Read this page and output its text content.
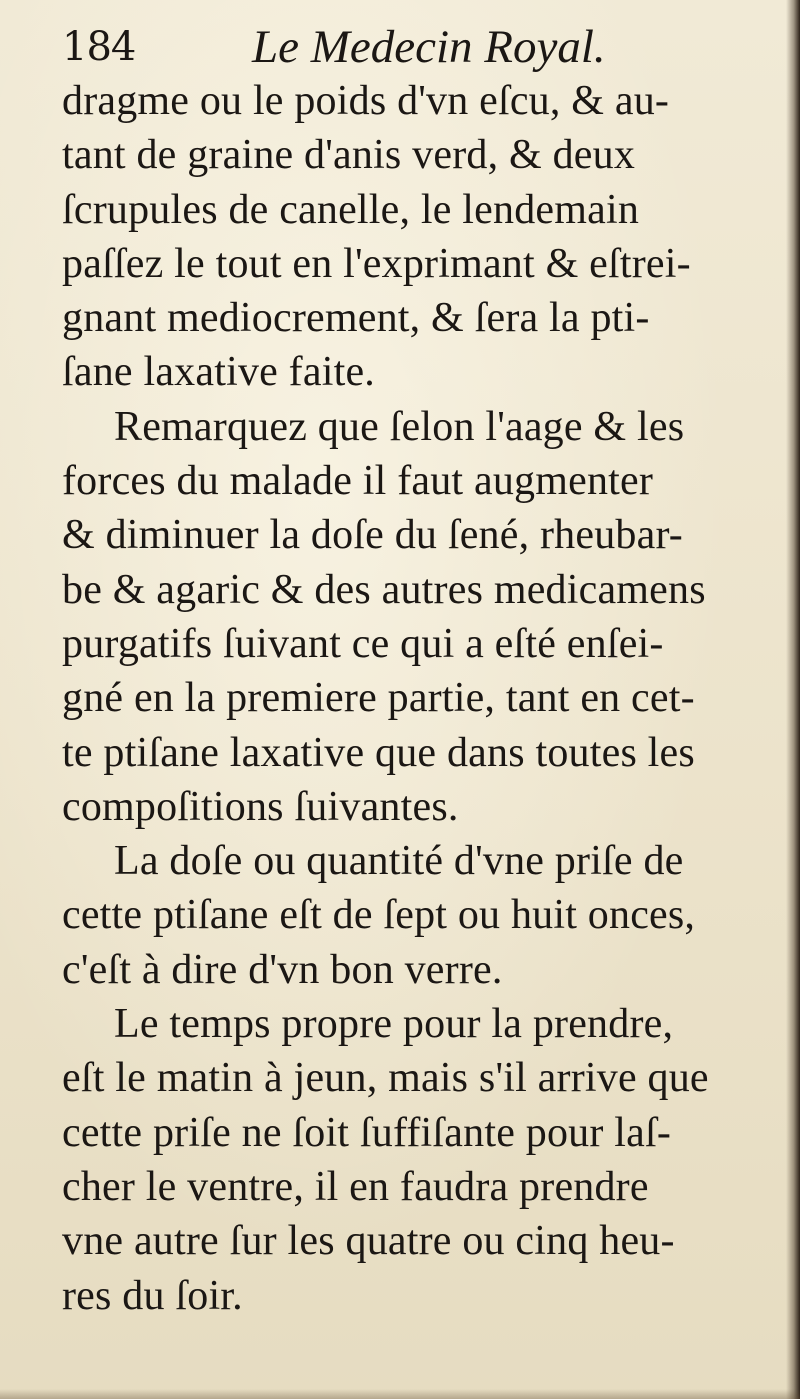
184 Le Medecin Royal.
dragme ou le poids d'vn eſcu, & au-
tant de graine d'anis verd, & deux
ſcrupules de canelle, le lendemain
paſſez le tout en l'exprimant & eſtrei-
gnant mediocrement, & ſera la pti-
ſane laxative faite.
Remarquez que ſelon l'aage & les
forces du malade il faut augmenter
& diminuer la doſe du ſené, rheubar-
be & agaric & des autres medicamens
purgatifs ſuivant ce qui a eſté enſei-
gné en la premiere partie, tant en cet-
te ptiſane laxative que dans toutes les
compoſitions ſuivantes.
La doſe ou quantité d'vne priſe de
cette ptiſane eſt de ſept ou huit onces,
c'eſt à dire d'vn bon verre.
Le temps propre pour la prendre,
eſt le matin à jeun, mais s'il arrive que
cette priſe ne ſoit ſuffiſante pour laſ-
cher le ventre, il en faudra prendre
vne autre ſur les quatre ou cinq heu-
res du ſoir.
